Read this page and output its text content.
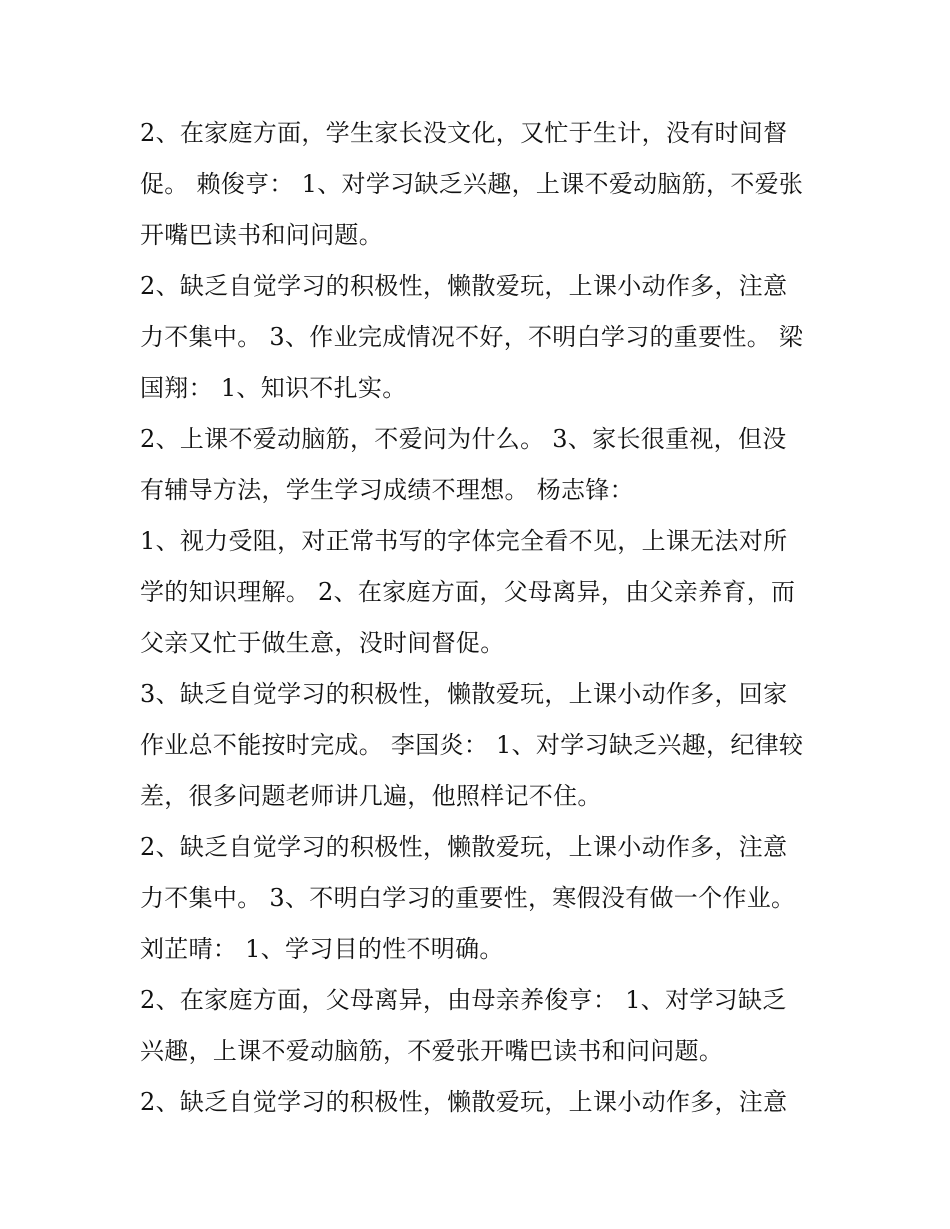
2、在家庭方面，学生家长没文化，又忙于生计，没有时间督
促。 赖俊亨： 1、对学习缺乏兴趣，上课不爱动脑筋，不爱张
开嘴巴读书和问问题。
2、缺乏自觉学习的积极性，懒散爱玩，上课小动作多，注意
力不集中。 3、作业完成情况不好，不明白学习的重要性。 梁
国翔： 1、知识不扎实。
2、上课不爱动脑筋，不爱问为什么。 3、家长很重视，但没
有辅导方法，学生学习成绩不理想。 杨志锋：
1、视力受阻，对正常书写的字体完全看不见，上课无法对所
学的知识理解。 2、在家庭方面，父母离异，由父亲养育，而
父亲又忙于做生意，没时间督促。
3、缺乏自觉学习的积极性，懒散爱玩，上课小动作多，回家
作业总不能按时完成。 李国炎： 1、对学习缺乏兴趣，纪律较
差，很多问题老师讲几遍，他照样记不住。
2、缺乏自觉学习的积极性，懒散爱玩，上课小动作多，注意
力不集中。 3、不明白学习的重要性，寒假没有做一个作业。
刘芷晴： 1、学习目的性不明确。
2、在家庭方面，父母离异，由母亲养俊亨： 1、对学习缺乏
兴趣，上课不爱动脑筋，不爱张开嘴巴读书和问问题。
2、缺乏自觉学习的积极性，懒散爱玩，上课小动作多，注意
